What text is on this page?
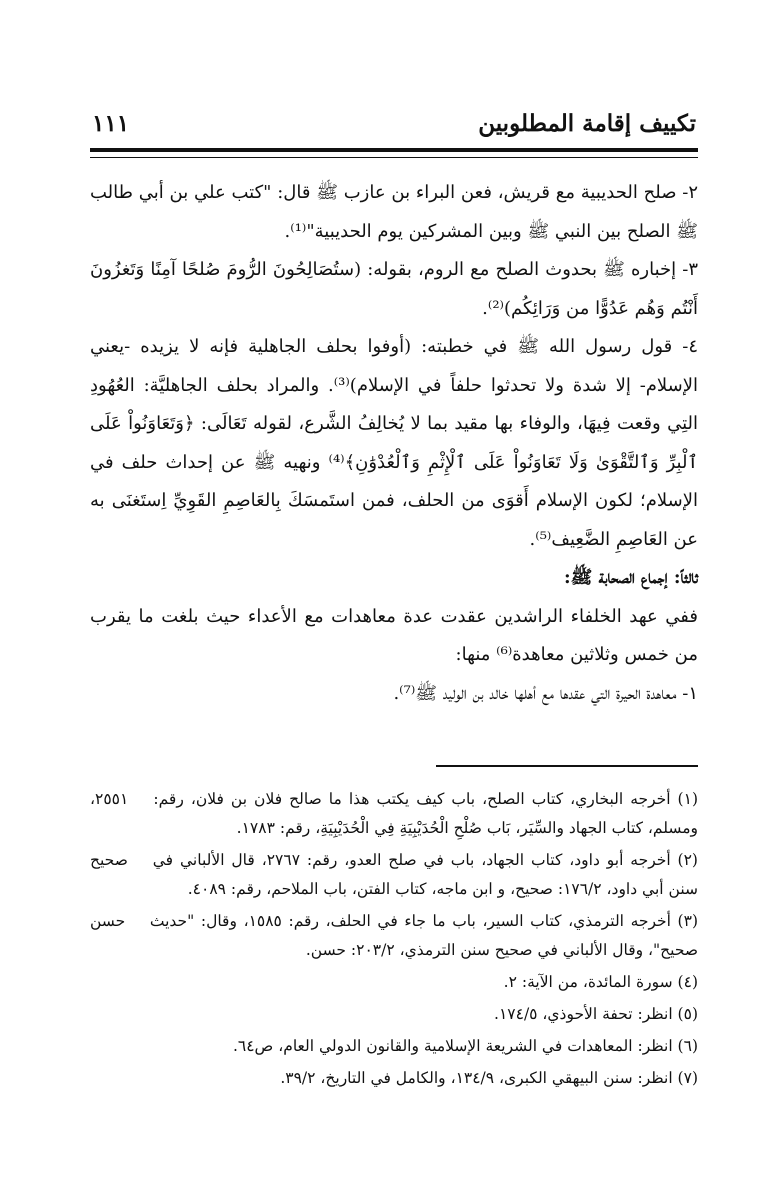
تكييف إقامة المطلوبين
١١١

٢- صلح الحديبية مع قريش، فعن البراء بن عازب ﷺ قال: "كتب علي بن أبي طالب ﷺ الصلح بين النبي ﷺ وبين المشركين يوم الحديبية"⁽¹⁾.

٣- إخباره ﷺ بحدوث الصلح مع الروم، بقوله: (ستُصَالِحُونَ الرُّومَ صُلحًا آمِنًا وَتَغزُونَ أَنْتُم وَهُم عَدُوًّا من وَرَائِكُم)⁽²⁾.

٤- قول رسول الله ﷺ في خطبته: (أوفوا بحلف الجاهلية فإنه لا يزيده -يعني الإسلام- إلا شدة ولا تحدثوا حلفاً في الإسلام)⁽³⁾. والمراد بحلف الجاهليَّة: العُهُودِ التِي وقعت فِيهَا، والوفاء بها مقيد بما لا يُخالِفُ الشَّرع، لقوله تَعَالَى: ﴿وَتَعَاوَنُواْ عَلَى ٱلْبِرِّ وَٱلتَّقْوَىٰ وَلَا تَعَاوَنُواْ عَلَى ٱلْإِثْمِ وَٱلْعُدْوَٰنِ﴾⁽⁴⁾ ونهيه ﷺ عن إحداث حلف في الإسلام؛ لكون الإسلام أَقوَى من الحلف، فمن استَمسَكَ بِالعَاصِمِ القَوِيِّ اِستَغنَى به عن العَاصِمِ الضَّعِيف⁽⁵⁾.

ثالثاً: إجماع الصحابة ﷺ:

ففي عهد الخلفاء الراشدين عقدت عدة معاهدات مع الأعداء حيث بلغت ما يقرب من خمس وثلاثين معاهدة⁽⁶⁾ منها:

١- معاهدة الحيرة التي عقدها مع أهلها خالد بن الوليد ﷺ⁽⁷⁾.

(١) أخرجه البخاري، كتاب الصلح، باب كيف يكتب هذا ما صالح فلان بن فلان، رقم: ٢٥٥١، ومسلم، كتاب الجهاد والسِّيَر، بَاب صُلْحِ الْحُدَيْبِيَةِ فِي الْحُدَيْبِيَةِ، رقم: ١٧٨٣.

(٢) أخرجه أبو داود، كتاب الجهاد، باب في صلح العدو، رقم: ٢٧٦٧، قال الألباني في صحيح سنن أبي داود، ١٧٦/٢: صحيح، و ابن ماجه، كتاب الفتن، باب الملاحم، رقم: ٤٠٨٩.

(٣) أخرجه الترمذي، كتاب السير، باب ما جاء في الحلف، رقم: ١٥٨٥، وقال: "حديث حسن صحيح"، وقال الألباني في صحيح سنن الترمذي، ٢٠٣/٢: حسن.

(٤) سورة المائدة، من الآية: ٢.

(٥) انظر: تحفة الأحوذي، ١٧٤/٥.

(٦) انظر: المعاهدات في الشريعة الإسلامية والقانون الدولي العام، ص٦٤.

(٧) انظر: سنن البيهقي الكبرى، ١٣٤/٩، والكامل في التاريخ، ٣٩/٢.
